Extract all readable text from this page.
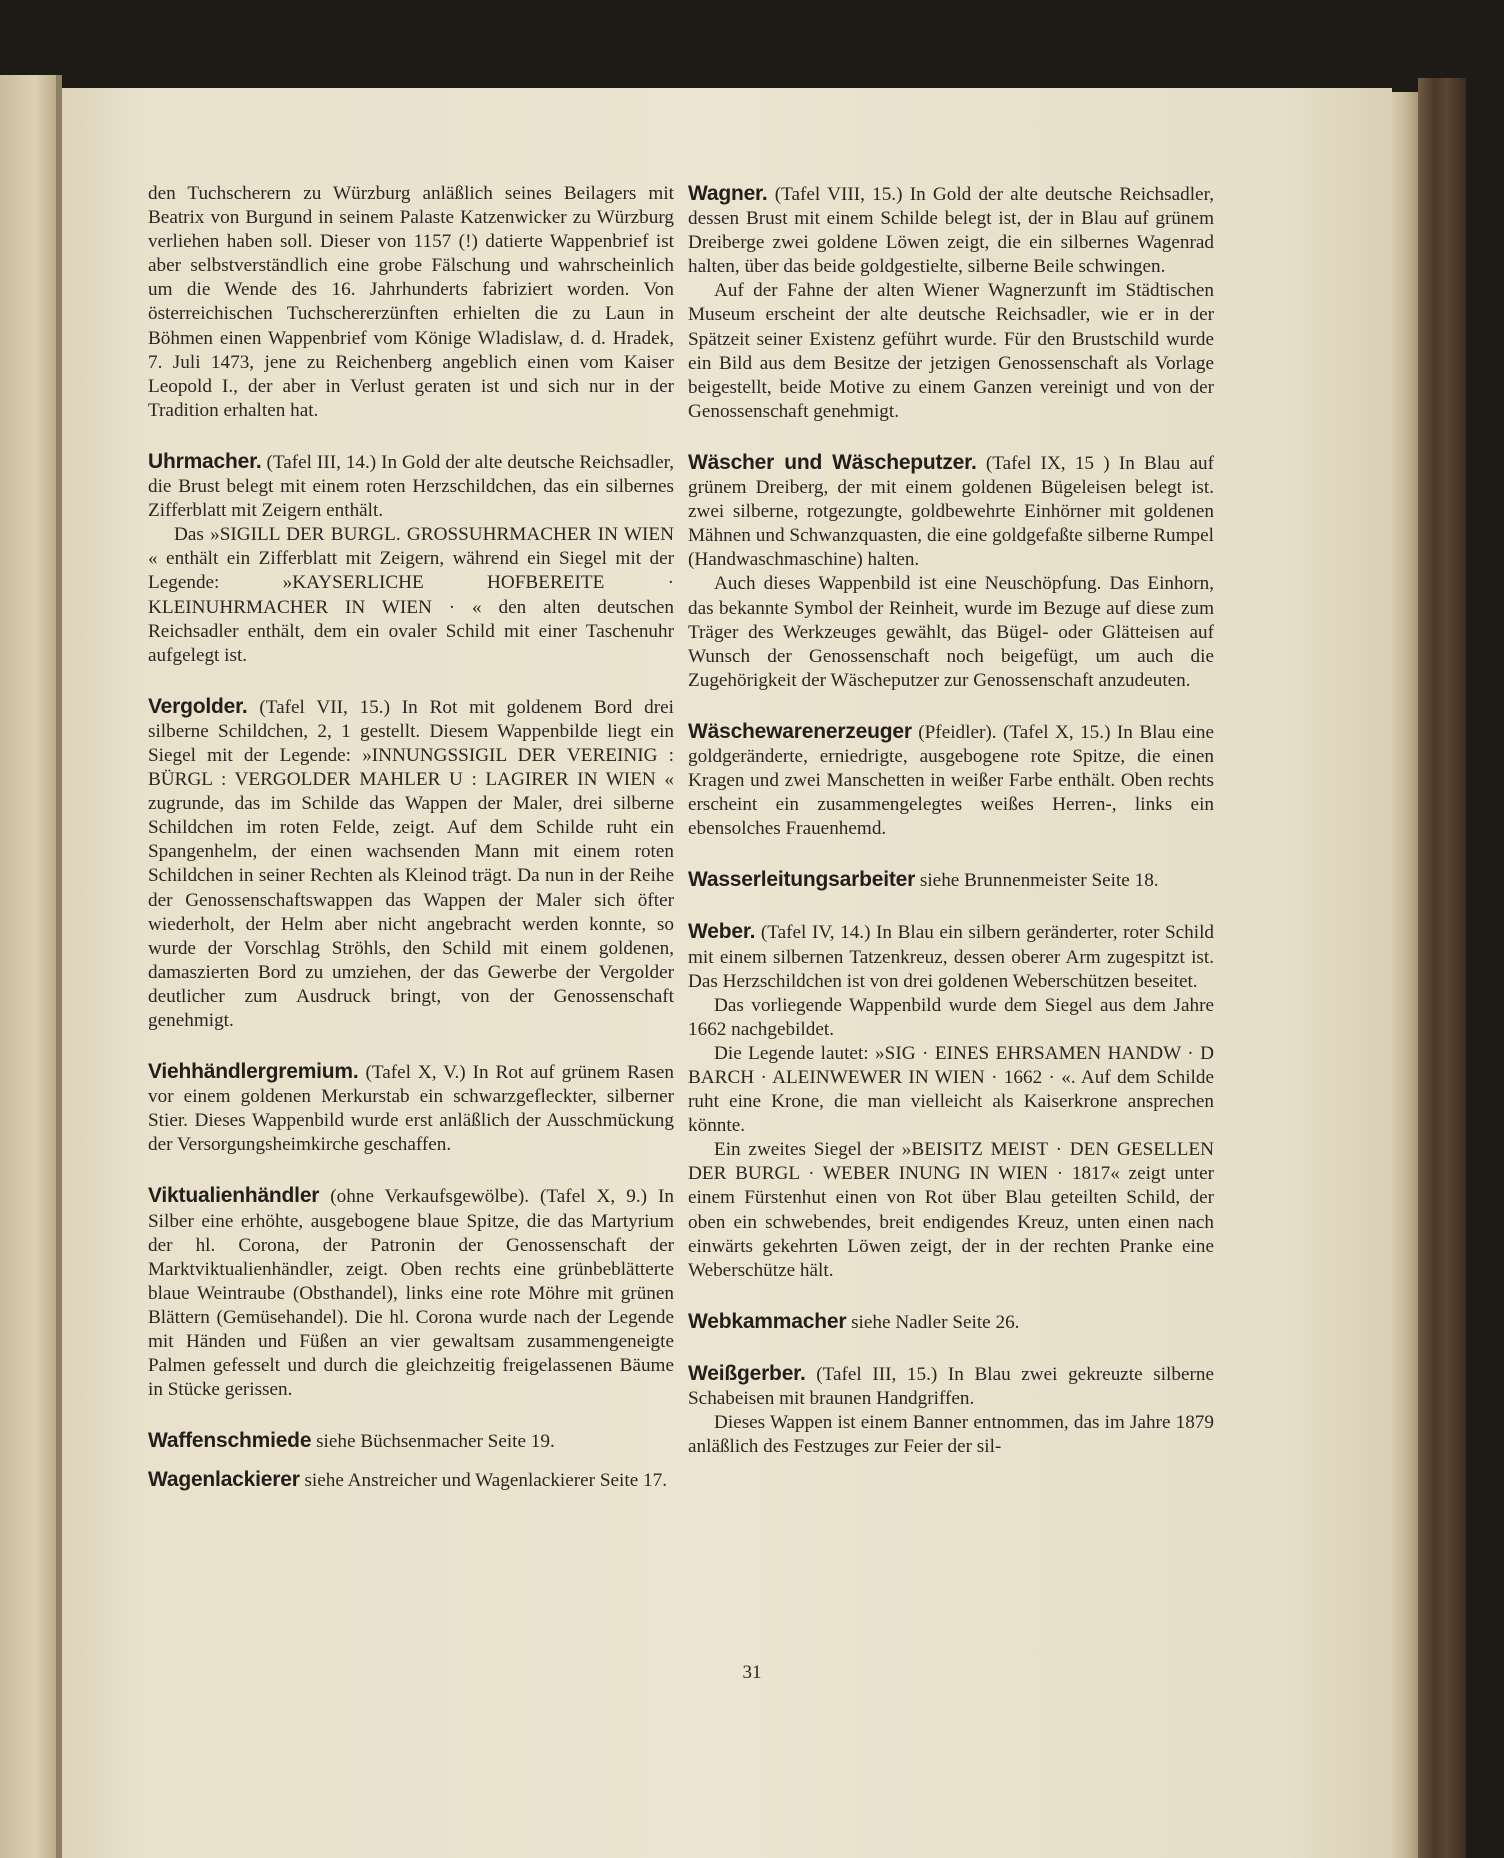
den Tuchscherern zu Würzburg anläßlich seines Beilagers mit Beatrix von Burgund in seinem Palaste Katzenwicker zu Würzburg verliehen haben soll. Dieser von 1157 (!) datierte Wappenbrief ist aber selbstverständlich eine grobe Fälschung und wahrscheinlich um die Wende des 16. Jahrhunderts fabriziert worden. Von österreichischen Tuchschererzünften erhielten die zu Laun in Böhmen einen Wappenbrief vom Könige Wladislaw, d. d. Hradek, 7. Juli 1473, jene zu Reichenberg angeblich einen vom Kaiser Leopold I., der aber in Verlust geraten ist und sich nur in der Tradition erhalten hat.

Uhrmacher. (Tafel III, 14.) In Gold der alte deutsche Reichsadler, die Brust belegt mit einem roten Herzschildchen, das ein silbernes Zifferblatt mit Zeigern enthält.

Das »SIGILL DER BURGL. GROSSUHRMACHER IN WIEN « enthält ein Zifferblatt mit Zeigern, während ein Siegel mit der Legende: »KAYSERLICHE HOFBEREITE · KLEINUHRMACHER IN WIEN · « den alten deutschen Reichsadler enthält, dem ein ovaler Schild mit einer Taschenuhr aufgelegt ist.

Vergolder. (Tafel VII, 15.) In Rot mit goldenem Bord drei silberne Schildchen, 2, 1 gestellt. Diesem Wappenbilde liegt ein Siegel mit der Legende: »INNUNGSSIGIL DER VEREINIG : BÜRGL : VERGOLDER MAHLER U : LAGIRER IN WIEN « zugrunde, das im Schilde das Wappen der Maler, drei silberne Schildchen im roten Felde, zeigt. Auf dem Schilde ruht ein Spangenhelm, der einen wachsenden Mann mit einem roten Schildchen in seiner Rechten als Kleinod trägt. Da nun in der Reihe der Genossenschaftswappen das Wappen der Maler sich öfter wiederholt, der Helm aber nicht angebracht werden konnte, so wurde der Vorschlag Ströhls, den Schild mit einem goldenen, damaszierten Bord zu umziehen, der das Gewerbe der Vergolder deutlicher zum Ausdruck bringt, von der Genossenschaft genehmigt.

Viehhändlergremium. (Tafel X, V.) In Rot auf grünem Rasen vor einem goldenen Merkurstab ein schwarzgefleckter, silberner Stier. Dieses Wappenbild wurde erst anläßlich der Ausschmückung der Versorgungsheimkirche geschaffen.

Viktualienhändler (ohne Verkaufsgewölbe). (Tafel X, 9.) In Silber eine erhöhte, ausgebogene blaue Spitze, die das Martyrium der hl. Corona, der Patronin der Genossenschaft der Marktviktualienhändler, zeigt. Oben rechts eine grünbeblätterte blaue Weintraube (Obsthandel), links eine rote Möhre mit grünen Blättern (Gemüsehandel). Die hl. Corona wurde nach der Legende mit Händen und Füßen an vier gewaltsam zusammengeneigte Palmen gefesselt und durch die gleichzeitig freigelassenen Bäume in Stücke gerissen.

Waffenschmiede siehe Büchsenmacher Seite 19.

Wagenlackierer siehe Anstreicher und Wagenlackierer Seite 17.

Wagner. (Tafel VIII, 15.) In Gold der alte deutsche Reichsadler, dessen Brust mit einem Schilde belegt ist, der in Blau auf grünem Dreiberge zwei goldene Löwen zeigt, die ein silbernes Wagenrad halten, über das beide goldgestielte, silberne Beile schwingen.

Auf der Fahne der alten Wiener Wagnerzunft im Städtischen Museum erscheint der alte deutsche Reichsadler, wie er in der Spätzeit seiner Existenz geführt wurde. Für den Brustschild wurde ein Bild aus dem Besitze der jetzigen Genossenschaft als Vorlage beigestellt, beide Motive zu einem Ganzen vereinigt und von der Genossenschaft genehmigt.

Wäscher und Wäscheputzer. (Tafel IX, 15 ) In Blau auf grünem Dreiberg, der mit einem goldenen Bügeleisen belegt ist. zwei silberne, rotgezungte, goldbewehrte Einhörner mit goldenen Mähnen und Schwanzquasten, die eine goldgefaßte silberne Rumpel (Handwaschmaschine) halten.

Auch dieses Wappenbild ist eine Neuschöpfung. Das Einhorn, das bekannte Symbol der Reinheit, wurde im Bezuge auf diese zum Träger des Werkzeuges gewählt, das Bügel- oder Glätteisen auf Wunsch der Genossenschaft noch beigefügt, um auch die Zugehörigkeit der Wäscheputzer zur Genossenschaft anzudeuten.

Wäschewarenerzeuger (Pfeidler). (Tafel X, 15.) In Blau eine goldgeränderte, erniedrigte, ausgebogene rote Spitze, die einen Kragen und zwei Manschetten in weißer Farbe enthält. Oben rechts erscheint ein zusammengelegtes weißes Herren-, links ein ebensolches Frauenhemd.

Wasserleitungsarbeiter siehe Brunnenmeister Seite 18.

Weber. (Tafel IV, 14.) In Blau ein silbern geränderter, roter Schild mit einem silbernen Tatzenkreuz, dessen oberer Arm zugespitzt ist. Das Herzschildchen ist von drei goldenen Weberschützen beseitet.

Das vorliegende Wappenbild wurde dem Siegel aus dem Jahre 1662 nachgebildet.

Die Legende lautet: »SIG · EINES EHRSAMEN HANDW · D BARCH · ALEINWEWER IN WIEN · 1662 · «. Auf dem Schilde ruht eine Krone, die man vielleicht als Kaiserkrone ansprechen könnte.

Ein zweites Siegel der »BEISITZ MEIST · DEN GESELLEN DER BURGL · WEBER INUNG IN WIEN · 1817« zeigt unter einem Fürstenhut einen von Rot über Blau geteilten Schild, der oben ein schwebendes, breit endigendes Kreuz, unten einen nach einwärts gekehrten Löwen zeigt, der in der rechten Pranke eine Weberschütze hält.

Webkammacher siehe Nadler Seite 26.

Weißgerber. (Tafel III, 15.) In Blau zwei gekreuzte silberne Schabeisen mit braunen Handgriffen.

Dieses Wappen ist einem Banner entnommen, das im Jahre 1879 anläßlich des Festzuges zur Feier der sil-

31
